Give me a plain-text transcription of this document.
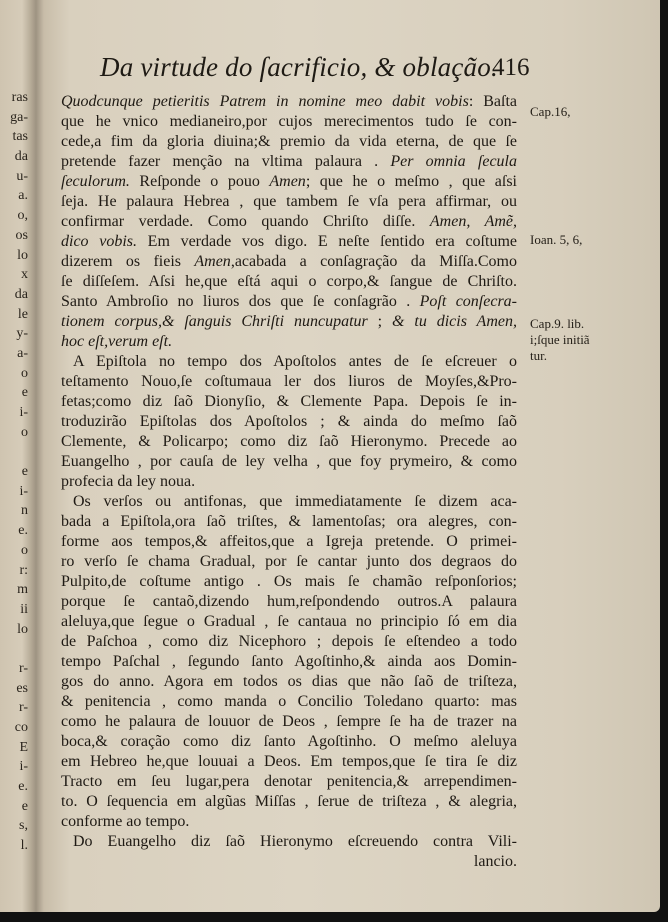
ras
ga-
tas
da
u-
a.
o,
os
lo
x
da
le
y-
a-
o
e
i-
o
e
i-
n
e.
o
r:
m
ii
lo
r-
es
r-
co
E
i-
e.
e
s,
l.
Da virtude do ſacrificio, & oblação.
416
Quodcunque petieritis Patrem in nomine meo dabit vobis: Baſta
que he vnico medianeiro,por cujos merecimentos tudo ſe con-
cede,a fim da gloria diuina;& premio da vida eterna, de que ſe
pretende fazer menção na vltima palaura . Per omnia ſecula
ſeculorum. Reſponde o pouo Amen; que he o meſmo , que aſsi
ſeja. He palaura Hebrea , que tambem ſe vſa pera affirmar, ou
confirmar verdade. Como quando Chriſto diſſe. Amen, Amẽ,
dico vobis. Em verdade vos digo. E neſte ſentido era coſtume
dizerem os fieis Amen,acabada a conſagração da Miſſa.Como
ſe diſſeſem. Aſsi he,que eſtá aqui o corpo,& ſangue de Chriſto.
Santo Ambroſio no liuros dos que ſe conſagrão . Poſt conſecra-
tionem corpus,& ſanguis Chriſti nuncupatur ; & tu dicis Amen,
hoc eſt,verum eſt.
A Epiſtola no tempo dos Apoſtolos antes de ſe eſcreuer o
teſtamento Nouo,ſe coſtumaua ler dos liuros de Moyſes,&Pro-
fetas;como diz ſaõ Dionyſio, & Clemente Papa. Depois ſe in-
troduzirão Epiſtolas dos Apoſtolos ; & ainda do meſmo ſaõ
Clemente, & Policarpo; como diz ſaõ Hieronymo. Precede ao
Euangelho , por cauſa de ley velha , que foy prymeiro, & como
profecia da ley noua.
Os verſos ou antifonas, que immediatamente ſe dizem aca-
bada a Epiſtola,ora ſaõ triſtes, & lamentoſas; ora alegres, con-
forme aos tempos,& affeitos,que a Igreja pretende. O primei-
ro verſo ſe chama Gradual, por ſe cantar junto dos degraos do
Pulpito,de coſtume antigo . Os mais ſe chamão reſponſorios;
porque ſe cantaõ,dizendo hum,reſpondendo outros.A palaura
aleluya,que ſegue o Gradual , ſe cantaua no principio ſó em dia
de Paſchoa , como diz Nicephoro ; depois ſe eſtendeo a todo
tempo Paſchal , ſegundo ſanto Agoſtinho,& ainda aos Domin-
gos do anno. Agora em todos os dias que não ſaõ de triſteza,
& penitencia , como manda o Concilio Toledano quarto: mas
como he palaura de louuor de Deos , ſempre ſe ha de trazer na
boca,& coração como diz ſanto Agoſtinho. O meſmo aleluya
em Hebreo he,que louuai a Deos. Em tempos,que ſe tira ſe diz
Tracto em ſeu lugar,pera denotar penitencia,& arrependimen-
to. O ſequencia em algũas Miſſas , ſerue de triſteza , & alegria,
conforme ao tempo.
Do Euangelho diz ſaõ Hieronymo eſcreuendo contra Vili-
lancio.
Cap.16,
Ioan. 5, 6,
Cap.9. lib.
i;ſque initiã
tur.
